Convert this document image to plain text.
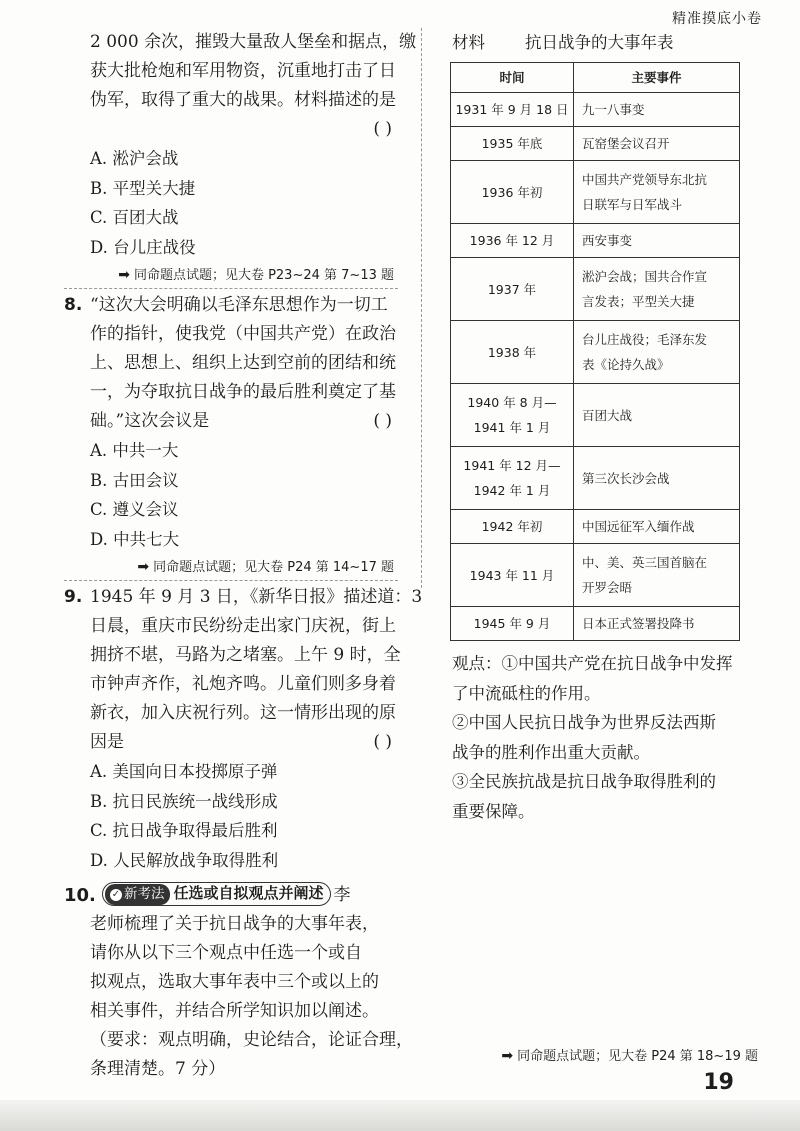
精准摸底小卷
2 000 余次，摧毁大量敌人堡垒和据点，缴
获大批枪炮和军用物资，沉重地打击了日
伪军，取得了重大的战果。材料描述的是
( )
A. 淞沪会战
B. 平型关大捷
C. 百团大战
D. 台儿庄战役
➡ 同命题点试题；见大卷 P23~24 第 7~13 题
8. “这次大会明确以毛泽东思想作为一切工
作的指针，使我党（中国共产党）在政治
上、思想上、组织上达到空前的团结和统
一，为夺取抗日战争的最后胜利奠定了基
础。”这次会议是	( )
A. 中共一大
B. 古田会议
C. 遵义会议
D. 中共七大
➡ 同命题点试题；见大卷 P24 第 14~17 题
9. 1945 年 9 月 3 日，《新华日报》描述道：3
日晨，重庆市民纷纷走出家门庆祝，街上
拥挤不堪，马路为之堵塞。上午 9 时，全
市钟声齐作，礼炮齐鸣。儿童们则多身着
新衣，加入庆祝行列。这一情形出现的原
因是	( )
A. 美国向日本投掷原子弹
B. 抗日民族统一战线形成
C. 抗日战争取得最后胜利
D. 人民解放战争取得胜利
10. ✓ 新考法 任选或自拟观点并阐述 李
老师梳理了关于抗日战争的大事年表，
请你从以下三个观点中任选一个或自
拟观点，选取大事年表中三个或以上的
相关事件，并结合所学知识加以阐述。
（要求：观点明确，史论结合，论证合理，
条理清楚。7 分）
材料 抗日战争的大事年表
时间	主要事件

1931 年 9 月 18 日	九一八事变

1935 年底	瓦窑堡会议召开

1936 年初	中国共产党领导东北抗
日联军与日军战斗

1936 年 12 月	西安事变

1937 年	淞沪会战；国共合作宣
言发表；平型关大捷

1938 年	台儿庄战役；毛泽东发
表《论持久战》

1940 年 8 月—
1941 年 1 月	百团大战

1941 年 12 月—
1942 年 1 月	第三次长沙会战

1942 年初	中国远征军入缅作战

1943 年 11 月	中、美、英三国首脑在
开罗会晤

1945 年 9 月	日本正式签署投降书
观点：①中国共产党在抗日战争中发挥
了中流砥柱的作用。
②中国人民抗日战争为世界反法西斯
战争的胜利作出重大贡献。
③全民族抗战是抗日战争取得胜利的
重要保障。
➡ 同命题点试题；见大卷 P24 第 18~19 题
19
